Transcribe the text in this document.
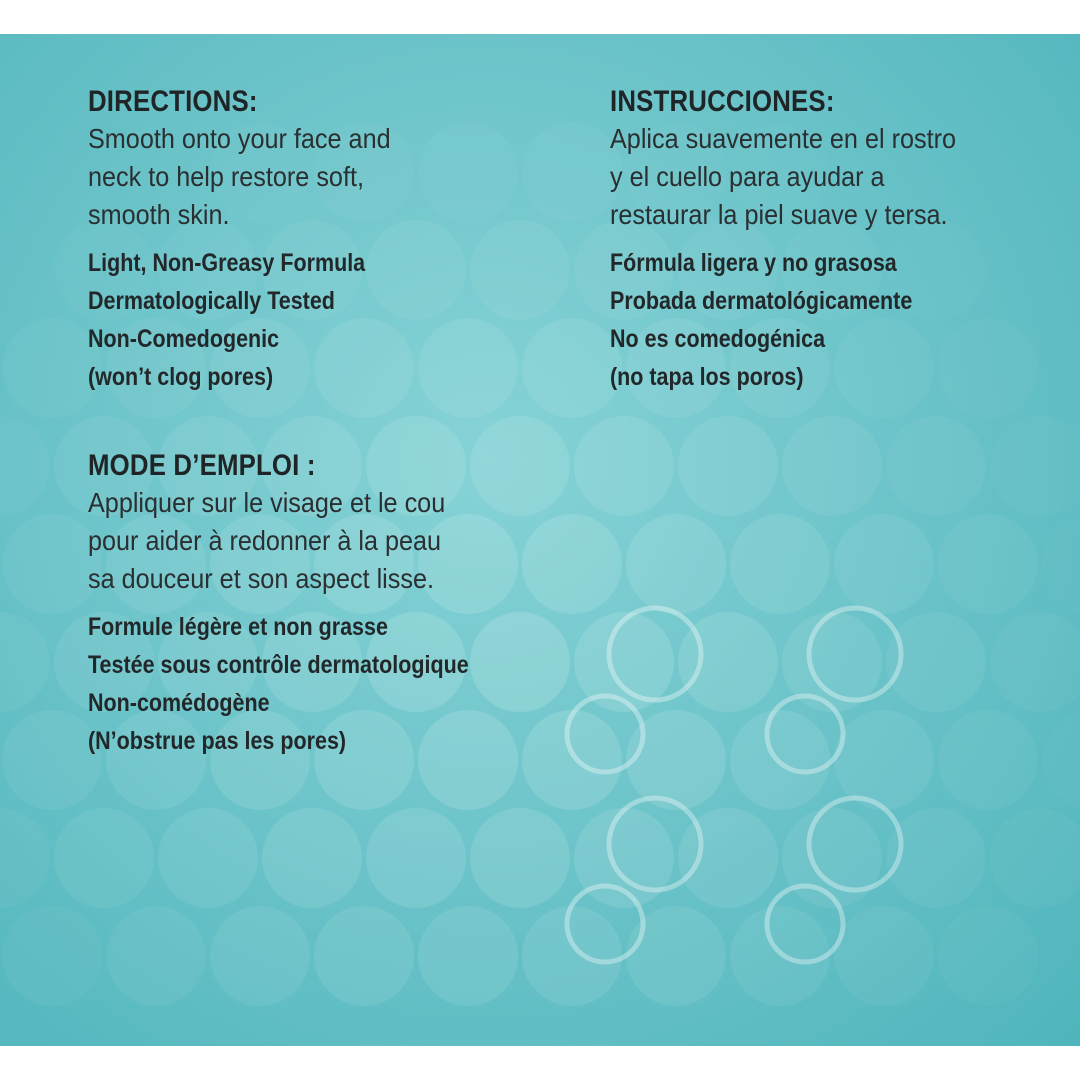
DIRECTIONS:
Smooth onto your face and
neck to help restore soft,
smooth skin.
Light, Non-Greasy Formula
Dermatologically Tested
Non-Comedogenic
(won’t clog pores)
INSTRUCCIONES:
Aplica suavemente en el rostro
y el cuello para ayudar a
restaurar la piel suave y tersa.
Fórmula ligera y no grasosa
Probada dermatológicamente
No es comedogénica
(no tapa los poros)
MODE D’EMPLOI :
Appliquer sur le visage et le cou
pour aider à redonner à la peau
sa douceur et son aspect lisse.
Formule légère et non grasse
Testée sous contrôle dermatologique
Non-comédogène
(N’obstrue pas les pores)
